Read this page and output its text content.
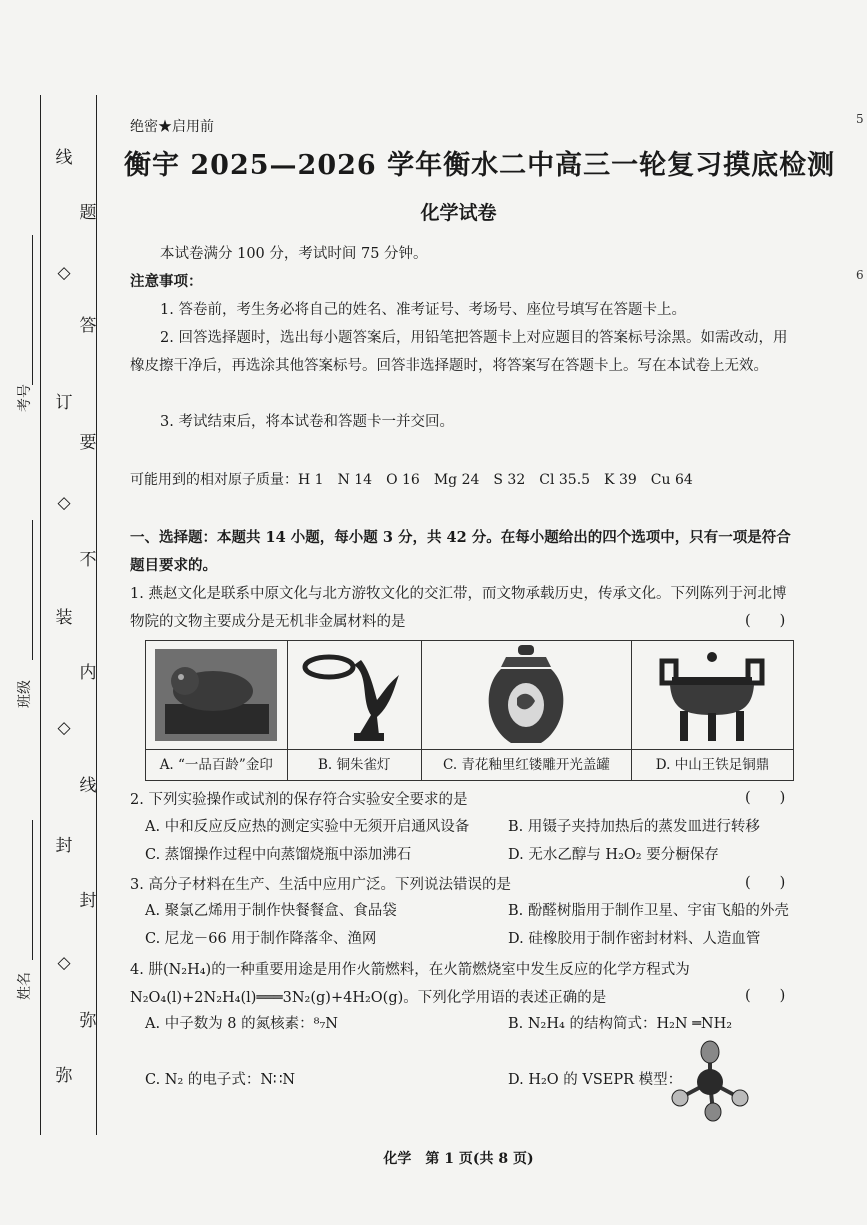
线
题
◇
答
订
要
◇
不
装
内
◇
线
封
封
◇
弥
弥
考号
班级
姓名
5
6
绝密★启用前
衡宇 2025—2026 学年衡水二中高三一轮复习摸底检测
化学试卷
本试卷满分 100 分，考试时间 75 分钟。
注意事项：
1. 答卷前，考生务必将自己的姓名、准考证号、考场号、座位号填写在答题卡上。
2. 回答选择题时，选出每小题答案后，用铅笔把答题卡上对应题目的答案标号涂黑。如需改动，用橡皮擦干净后，再选涂其他答案标号。回答非选择题时，将答案写在答题卡上。写在本试卷上无效。
3. 考试结束后，将本试卷和答题卡一并交回。
可能用到的相对原子质量：H 1　N 14　O 16　Mg 24　S 32　Cl 35.5　K 39　Cu 64
一、选择题：本题共 14 小题，每小题 3 分，共 42 分。在每小题给出的四个选项中，只有一项是符合题目要求的。
1. 燕赵文化是联系中原文化与北方游牧文化的交汇带，而文物承载历史，传承文化。下列陈列于河北博物院的文物主要成分是无机非金属材料的是	(　　)
A. “一品百龄”金印	B. 铜朱雀灯	C. 青花釉里红镂雕开光盖罐	D. 中山王铁足铜鼎
2. 下列实验操作或试剂的保存符合实验安全要求的是	(　　)
A. 中和反应反应热的测定实验中无须开启通风设备	B. 用镊子夹持加热后的蒸发皿进行转移
C. 蒸馏操作过程中向蒸馏烧瓶中添加沸石	D. 无水乙醇与 H₂O₂ 要分橱保存
3. 高分子材料在生产、生活中应用广泛。下列说法错误的是	(　　)
A. 聚氯乙烯用于制作快餐餐盒、食品袋	B. 酚醛树脂用于制作卫星、宇宙飞船的外壳
C. 尼龙－66 用于制作降落伞、渔网	D. 硅橡胶用于制作密封材料、人造血管
4. 肼(N₂H₄)的一种重要用途是用作火箭燃料，在火箭燃烧室中发生反应的化学方程式为
N₂O₄(l)+2N₂H₄(l)═══3N₂(g)+4H₂O(g)。下列化学用语的表述正确的是	(　　)
A. 中子数为 8 的氮核素：⁸₇N	B. N₂H₄ 的结构简式：H₂N ═NH₂
C. N₂ 的电子式：N∷N	D. H₂O 的 VSEPR 模型：
化学　第 1 页(共 8 页)
